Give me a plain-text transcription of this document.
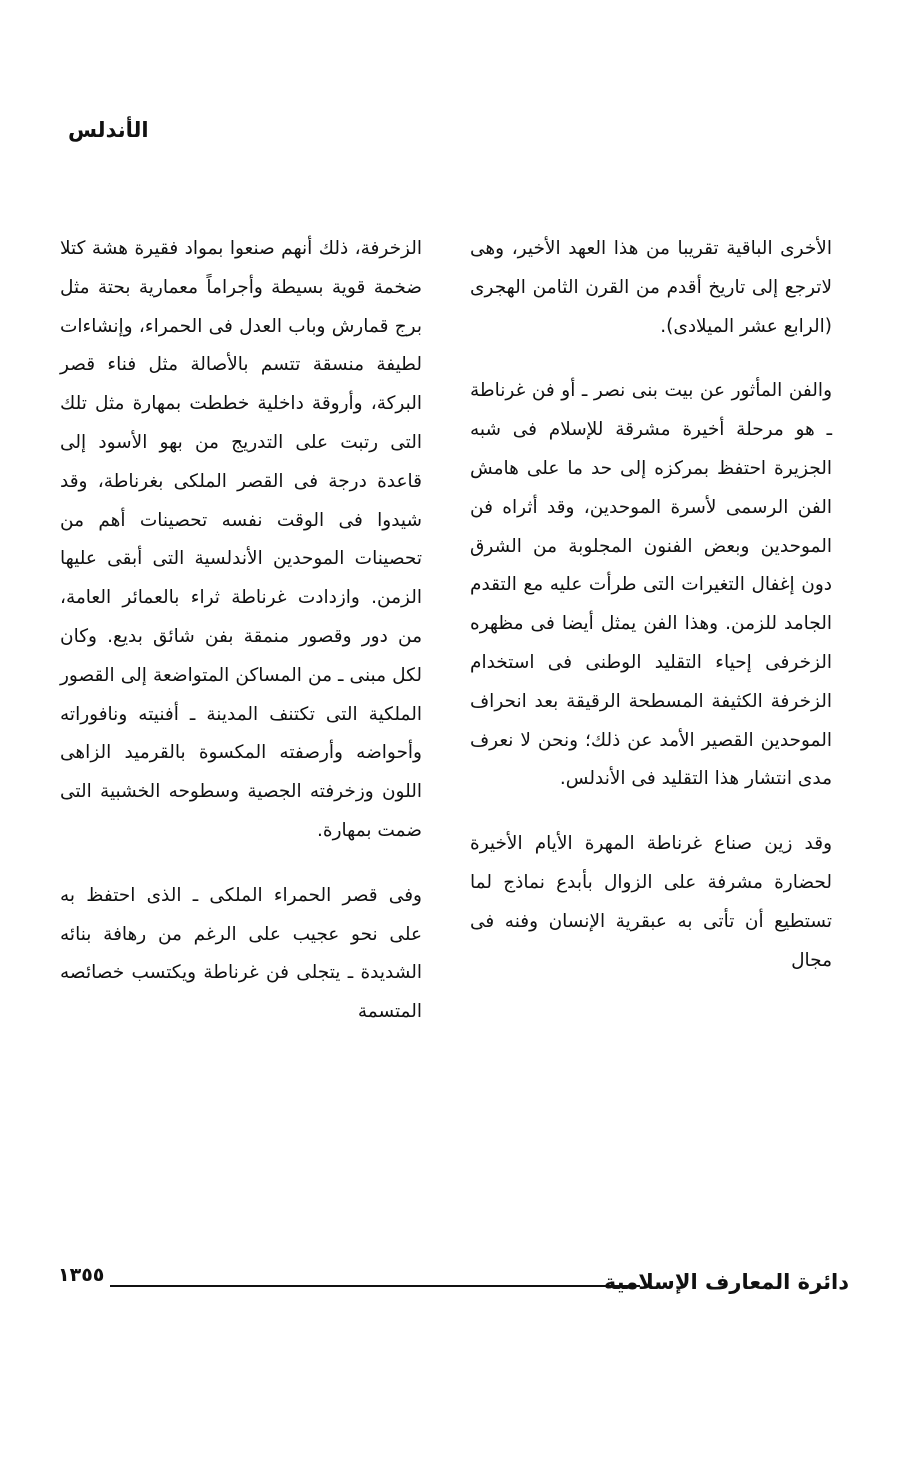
الأندلس

الأخرى الباقية تقريبا من هذا العهد الأخير، وهى لاترجع إلى تاريخ أقدم من القرن الثامن الهجرى (الرابع عشر الميلادى).

والفن المأثور عن بيت بنى نصر ـ أو فن غرناطة ـ هو مرحلة أخيرة مشرقة للإسلام فى شبه الجزيرة احتفظ بمركزه إلى حد ما على هامش الفن الرسمى لأسرة الموحدين، وقد أثراه فن الموحدين وبعض الفنون المجلوبة من الشرق دون إغفال التغيرات التى طرأت عليه مع التقدم الجامد للزمن. وهذا الفن يمثل أيضا فى مظهره الزخرفى إحياء التقليد الوطنى فى استخدام الزخرفة الكثيفة المسطحة الرقيقة بعد انحراف الموحدين القصير الأمد عن ذلك؛ ونحن لا نعرف مدى انتشار هذا التقليد فى الأندلس.

وقد زين صناع غرناطة المهرة الأيام الأخيرة لحضارة مشرفة على الزوال بأبدع نماذج لما تستطيع أن تأتى به عبقرية الإنسان وفنه فى مجال

الزخرفة، ذلك أنهم صنعوا بمواد فقيرة هشة كتلا ضخمة قوية بسيطة وأجراماً معمارية بحتة مثل برج قمارش وباب العدل فى الحمراء، وإنشاءات لطيفة منسقة تتسم بالأصالة مثل فناء قصر البركة، وأروقة داخلية خططت بمهارة مثل تلك التى رتبت على التدريج من بهو الأسود إلى قاعدة درجة فى القصر الملكى بغرناطة، وقد شيدوا فى الوقت نفسه تحصينات أهم من تحصينات الموحدين الأندلسية التى أبقى عليها الزمن. وازدادت غرناطة ثراء بالعمائر العامة، من دور وقصور منمقة بفن شائق بديع. وكان لكل مبنى ـ من المساكن المتواضعة إلى القصور الملكية التى تكتنف المدينة ـ أفنيته ونافوراته وأحواضه وأرصفته المكسوة بالقرميد الزاهى اللون وزخرفته الجصية وسطوحه الخشبية التى ضمت بمهارة.

وفى قصر الحمراء الملكى ـ الذى احتفظ به على نحو عجيب على الرغم من رهافة بنائه الشديدة ـ يتجلى فن غرناطة ويكتسب خصائصه المتسمة

دائرة المعارف الإسلامية
١٣٥٥
